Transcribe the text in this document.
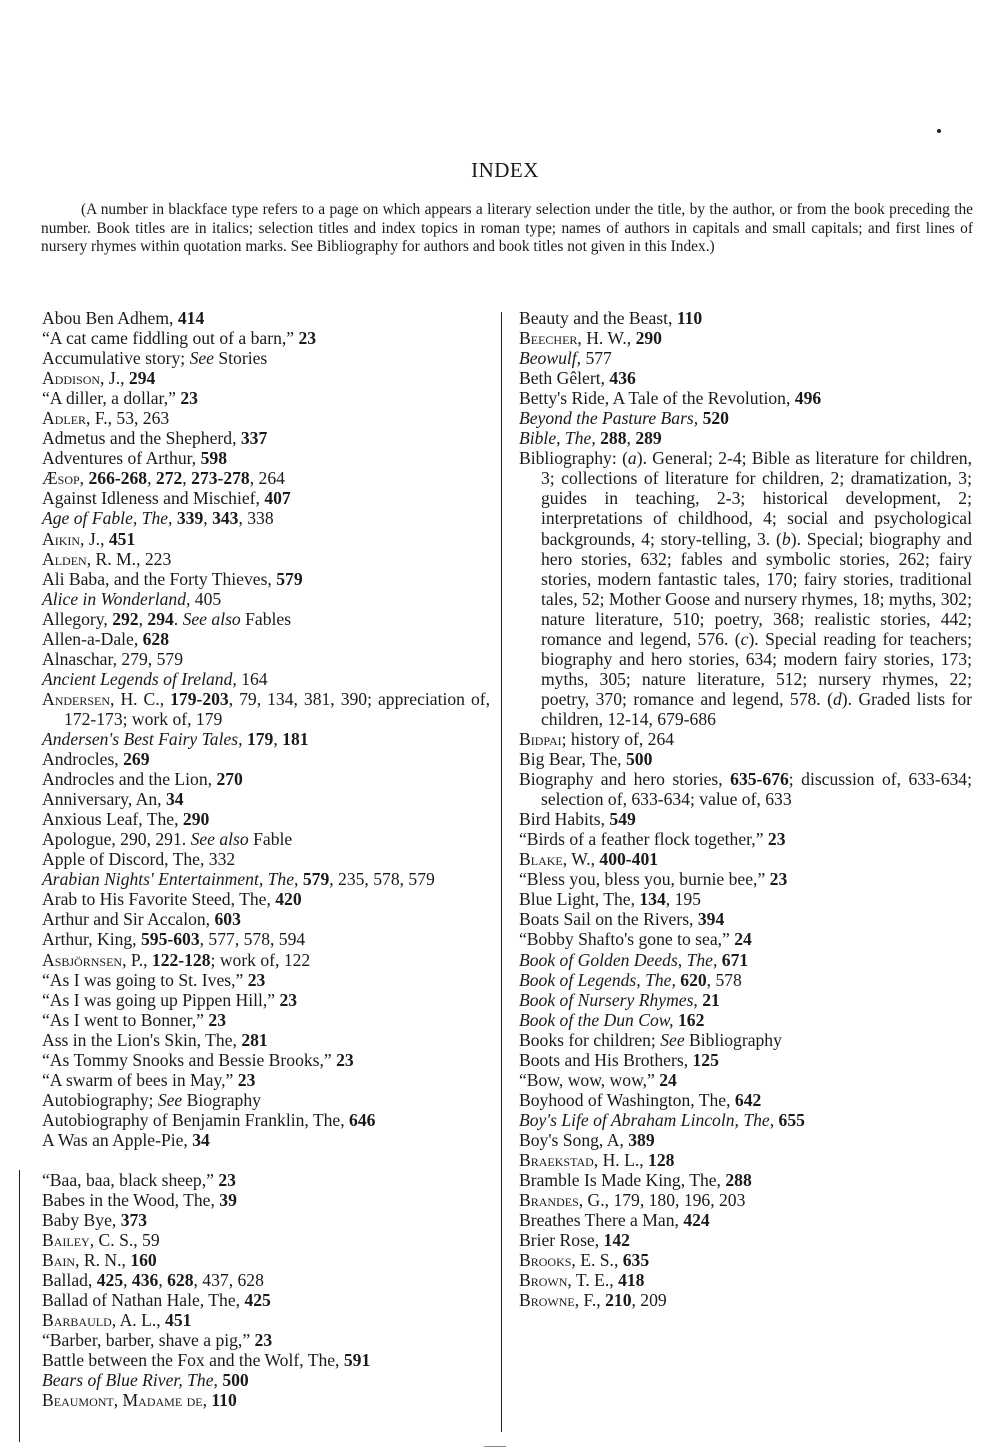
INDEX

(A number in blackface type refers to a page on which appears a literary selection under the title, by the author, or from the book preceding the number. Book titles are in italics; selection titles and index topics in roman type; names of authors in capitals and small capitals; and first lines of nursery rhymes within quotation marks. See Bibliography for authors and book titles not given in this Index.)

Abou Ben Adhem, 414
“A cat came fiddling out of a barn,” 23
Accumulative story; See Stories
Addison, J., 294
“A diller, a dollar,” 23
Adler, F., 53, 263
Admetus and the Shepherd, 337
Adventures of Arthur, 598
Æsop, 266-268, 272, 273-278, 264
Against Idleness and Mischief, 407
Age of Fable, The, 339, 343, 338
Aikin, J., 451
Alden, R. M., 223
Ali Baba, and the Forty Thieves, 579
Alice in Wonderland, 405
Allegory, 292, 294. See also Fables
Allen-a-Dale, 628
Alnaschar, 279, 579
Ancient Legends of Ireland, 164
Andersen, H. C., 179-203, 79, 134, 381, 390; appreciation of, 172-173; work of, 179
Andersen's Best Fairy Tales, 179, 181
Androcles, 269
Androcles and the Lion, 270
Anniversary, An, 34
Anxious Leaf, The, 290
Apologue, 290, 291. See also Fable
Apple of Discord, The, 332
Arabian Nights' Entertainment, The, 579, 235, 578, 579
Arab to His Favorite Steed, The, 420
Arthur and Sir Accalon, 603
Arthur, King, 595-603, 577, 578, 594
Asbjörnsen, P., 122-128; work of, 122
“As I was going to St. Ives,” 23
“As I was going up Pippen Hill,” 23
“As I went to Bonner,” 23
Ass in the Lion's Skin, The, 281
“As Tommy Snooks and Bessie Brooks,” 23
“A swarm of bees in May,” 23
Autobiography; See Biography
Autobiography of Benjamin Franklin, The, 646
A Was an Apple-Pie, 34
“Baa, baa, black sheep,” 23
Babes in the Wood, The, 39
Baby Bye, 373
Bailey, C. S., 59
Bain, R. N., 160
Ballad, 425, 436, 628, 437, 628
Ballad of Nathan Hale, The, 425
Barbauld, A. L., 451
“Barber, barber, shave a pig,” 23
Battle between the Fox and the Wolf, The, 591
Bears of Blue River, The, 500
Beaumont, Madame de, 110
Beauty and the Beast, 110
Beecher, H. W., 290
Beowulf, 577
Beth Gêlert, 436
Betty's Ride, A Tale of the Revolution, 496
Beyond the Pasture Bars, 520
Bible, The, 288, 289
Bibliography: (a). General; 2-4; Bible as literature for children, 3; collections of literature for children, 2; dramatization, 3; guides in teaching, 2-3; historical development, 2; interpretations of childhood, 4; social and psychological backgrounds, 4; story-telling, 3. (b). Special; biography and hero stories, 632; fables and symbolic stories, 262; fairy stories, modern fantastic tales, 170; fairy stories, traditional tales, 52; Mother Goose and nursery rhymes, 18; myths, 302; nature literature, 510; poetry, 368; realistic stories, 442; romance and legend, 576. (c). Special reading for teachers; biography and hero stories, 634; modern fairy stories, 173; myths, 305; nature literature, 512; nursery rhymes, 22; poetry, 370; romance and legend, 578. (d). Graded lists for children, 12-14, 679-686
Bidpai; history of, 264
Big Bear, The, 500
Biography and hero stories, 635-676; discussion of, 633-634; selection of, 633-634; value of, 633
Bird Habits, 549
“Birds of a feather flock together,” 23
Blake, W., 400-401
“Bless you, bless you, burnie bee,” 23
Blue Light, The, 134, 195
Boats Sail on the Rivers, 394
“Bobby Shafto's gone to sea,” 24
Book of Golden Deeds, The, 671
Book of Legends, The, 620, 578
Book of Nursery Rhymes, 21
Book of the Dun Cow, 162
Books for children; See Bibliography
Boots and His Brothers, 125
“Bow, wow, wow,” 24
Boyhood of Washington, The, 642
Boy's Life of Abraham Lincoln, The, 655
Boy's Song, A, 389
Braekstad, H. L., 128
Bramble Is Made King, The, 288
Brandes, G., 179, 180, 196, 203
Breathes There a Man, 424
Brier Rose, 142
Brooks, E. S., 635
Brown, T. E., 418
Browne, F., 210, 209
